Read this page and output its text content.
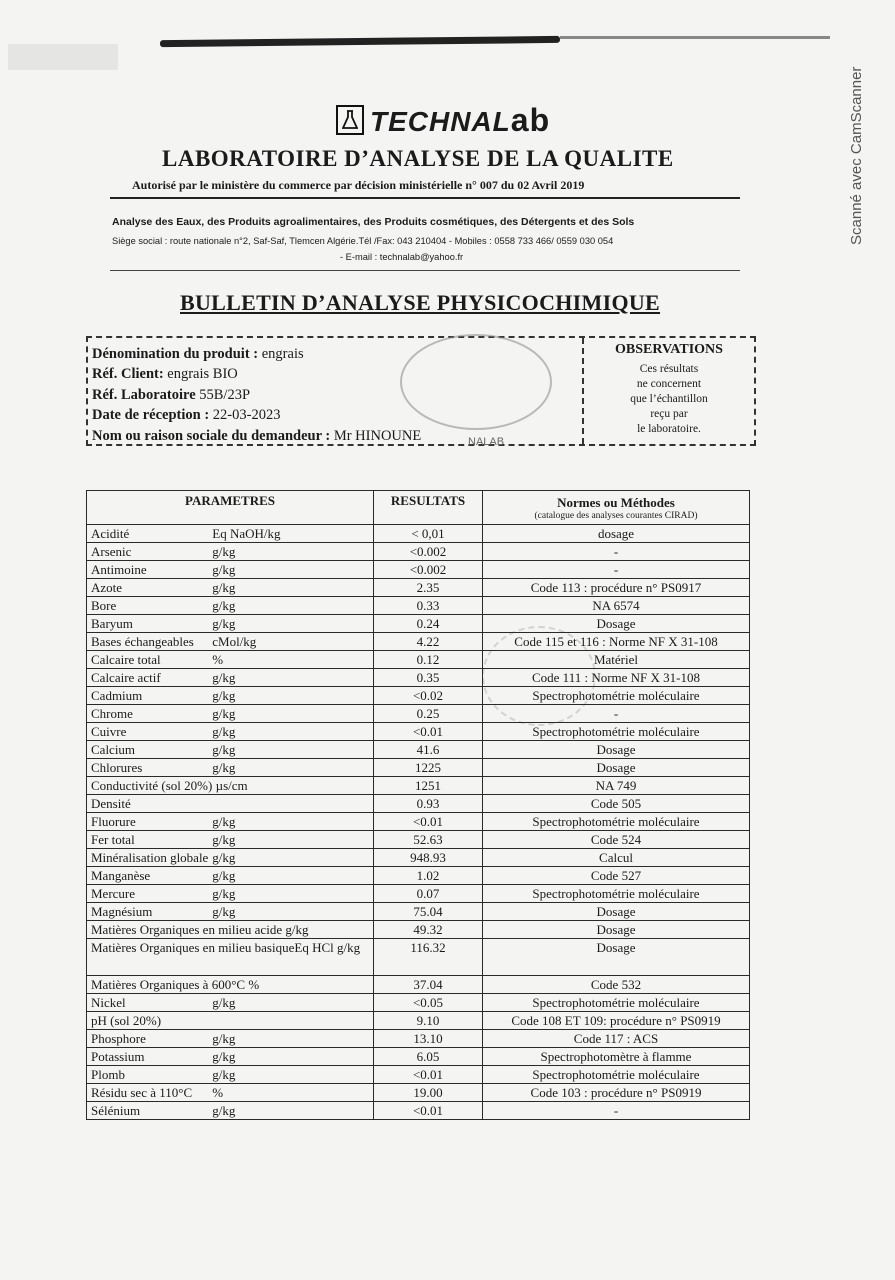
Scanné avec CamScanner
TECHNALab
LABORATOIRE D’ANALYSE DE LA QUALITE
Autorisé par le ministère du commerce par décision ministérielle n° 007 du 02 Avril 2019
Analyse des Eaux, des Produits agroalimentaires, des Produits cosmétiques, des Détergents et des Sols
Siège social : route nationale n°2, Saf-Saf, Tlemcen Algérie.Tél /Fax: 043 210404 - Mobiles : 0558 733 466/ 0559 030 054
- E-mail : technalab@yahoo.fr
BULLETIN D’ANALYSE PHYSICOCHIMIQUE
Dénomination du produit : engrais
Réf. Client: engrais BIO
Réf. Laboratoire 55B/23P
Date de réception : 22-03-2023
Nom ou raison sociale du demandeur : Mr HINOUNE
OBSERVATIONS
Ces résultats
ne concernent
que l’échantillon
reçu par
le laboratoire.
NALAB
PARAMETRES	RESULTATS	Normes ou Méthodes
(catalogue des analyses courantes CIRAD)

Acidité Eq NaOH/kg	< 0,01	dosage
Arsenic g/kg	<0.002	-
Antimoine g/kg	<0.002	-
Azote g/kg	2.35	Code 113 : procédure n° PS0917
Bore g/kg	0.33	NA 6574
Baryum g/kg	0.24	Dosage
Bases échangeables cMol/kg	4.22	Code 115 et 116 : Norme NF X 31-108
Calcaire total %	0.12	Matériel
Calcaire actif g/kg	0.35	Code 111 : Norme NF X 31-108
Cadmium g/kg	<0.02	Spectrophotométrie moléculaire
Chrome g/kg	0.25	-
Cuivre g/kg	<0.01	Spectrophotométrie moléculaire
Calcium g/kg	41.6	Dosage
Chlorures g/kg	1225	Dosage
Conductivité (sol 20%) µs/cm	1251	NA 749
Densité	0.93	Code 505
Fluorure g/kg	<0.01	Spectrophotométrie moléculaire
Fer total g/kg	52.63	Code 524
Minéralisation globale g/kg	948.93	Calcul
Manganèse g/kg	1.02	Code 527
Mercure g/kg	0.07	Spectrophotométrie moléculaire
Magnésium g/kg	75.04	Dosage
Matières Organiques en milieu acide g/kg	49.32	Dosage
Matières Organiques en milieu basiqueEq HCl g/kg	116.32	Dosage
Matières Organiques à 600°C %	37.04	Code 532
Nickel g/kg	<0.05	Spectrophotométrie moléculaire
pH (sol 20%)	9.10	Code 108 ET 109: procédure n° PS0919
Phosphore g/kg	13.10	Code 117 : ACS
Potassium g/kg	6.05	Spectrophotomètre à flamme
Plomb g/kg	<0.01	Spectrophotométrie moléculaire
Résidu sec à 110°C %	19.00	Code 103 : procédure n° PS0919
Sélénium g/kg	<0.01	-
